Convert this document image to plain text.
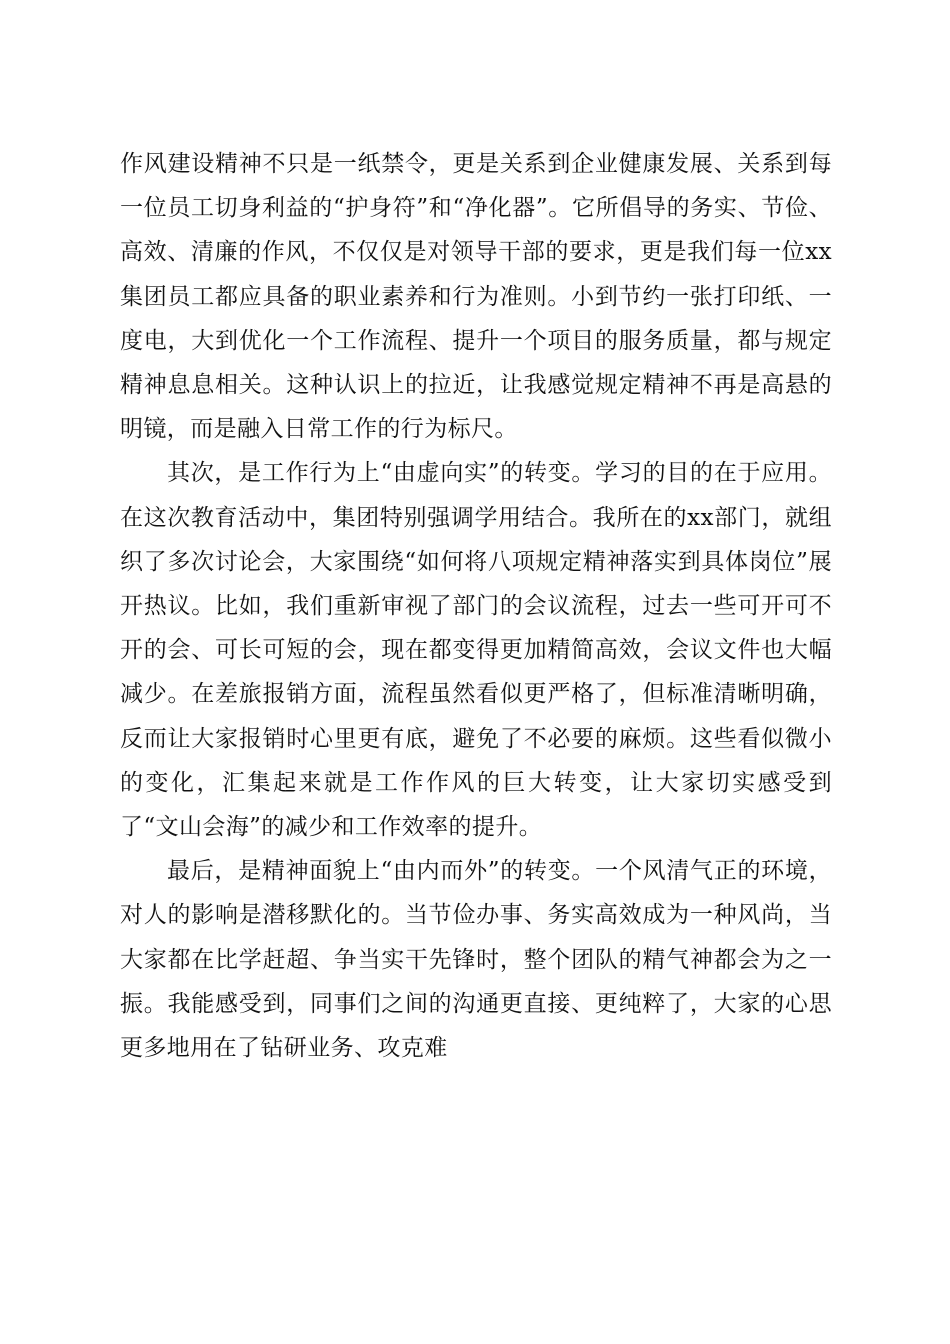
作风建设精神不只是一纸禁令，更是关系到企业健康发展、关系到每一位员工切身利益的“护身符”和“净化器”。它所倡导的务实、节俭、高效、清廉的作风，不仅仅是对领导干部的要求，更是我们每一位xx集团员工都应具备的职业素养和行为准则。小到节约一张打印纸、一度电，大到优化一个工作流程、提升一个项目的服务质量，都与规定精神息息相关。这种认识上的拉近，让我感觉规定精神不再是高悬的明镜，而是融入日常工作的行为标尺。

其次，是工作行为上“由虚向实”的转变。学习的目的在于应用。在这次教育活动中，集团特别强调学用结合。我所在的xx部门，就组织了多次讨论会，大家围绕“如何将八项规定精神落实到具体岗位”展开热议。比如，我们重新审视了部门的会议流程，过去一些可开可不开的会、可长可短的会，现在都变得更加精简高效，会议文件也大幅减少。在差旅报销方面，流程虽然看似更严格了，但标准清晰明确，反而让大家报销时心里更有底，避免了不必要的麻烦。这些看似微小的变化，汇集起来就是工作作风的巨大转变，让大家切实感受到了“文山会海”的减少和工作效率的提升。

最后，是精神面貌上“由内而外”的转变。一个风清气正的环境，对人的影响是潜移默化的。当节俭办事、务实高效成为一种风尚，当大家都在比学赶超、争当实干先锋时，整个团队的精气神都会为之一振。我能感受到，同事们之间的沟通更直接、更纯粹了，大家的心思更多地用在了钻研业务、攻克难
